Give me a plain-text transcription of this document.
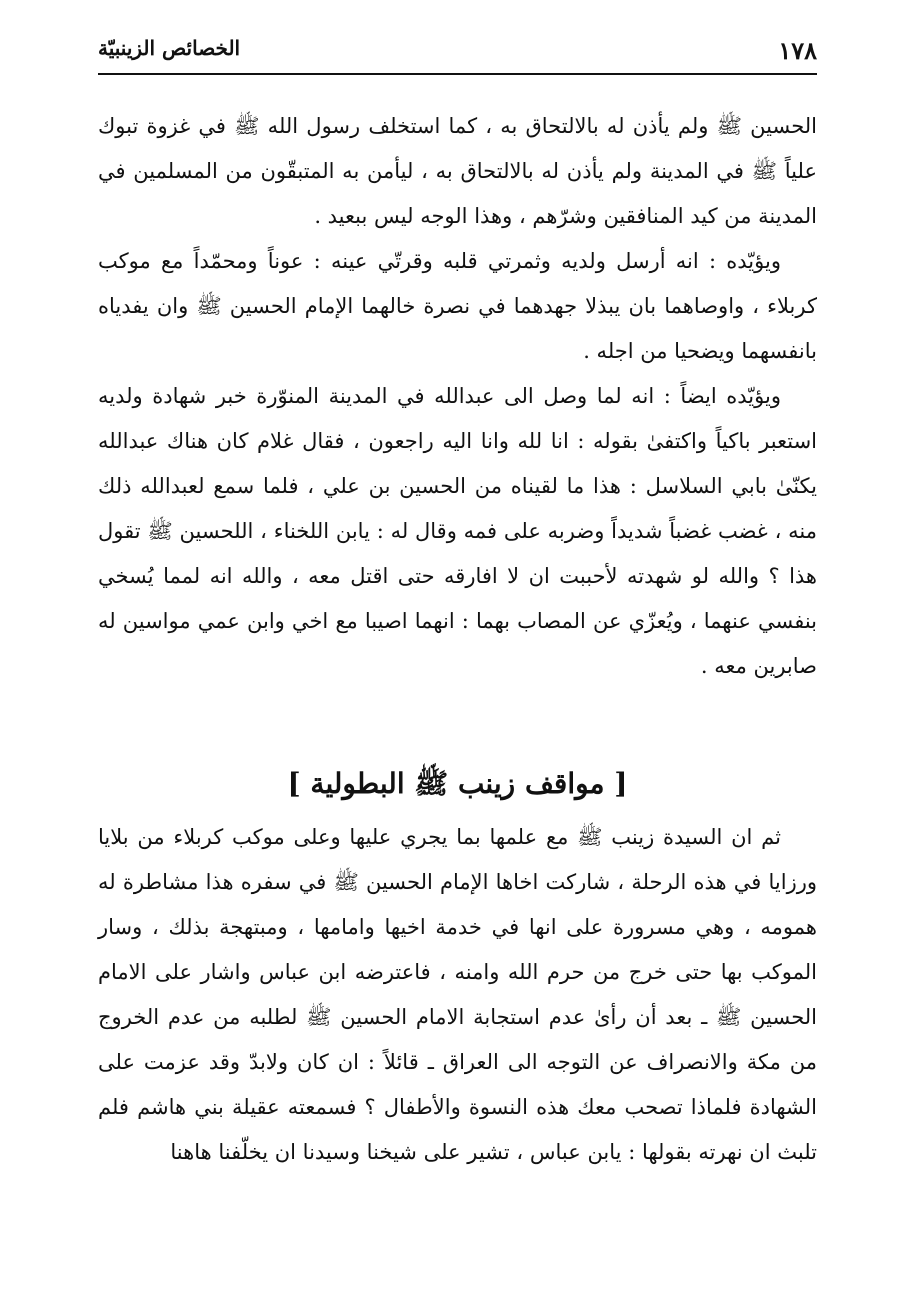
١٧٨
الخصائص الزينبيّة

الحسين ﷺ ولم يأذن له بالالتحاق به ، كما استخلف رسول الله ﷺ في غزوة تبوك علياً ﷺ في المدينة ولم يأذن له بالالتحاق به ، ليأمن به المتبقّون من المسلمين في المدينة من كيد المنافقين وشرّهم ، وهذا الوجه ليس ببعيد .

ويؤيّده : انه أرسل ولديه وثمرتي قلبه وقرتّي عينه : عوناً ومحمّداً مع موكب كربلاء ، واوصاهما بان يبذلا جهدهما في نصرة خالهما الإمام الحسين ﷺ وان يفدياه بانفسهما ويضحيا من اجله .

ويؤيّده ايضاً : انه لما وصل الى عبدالله في المدينة المنوّرة خبر شهادة ولديه استعبر باكياً واكتفىٰ بقوله : انا لله وانا اليه راجعون ، فقال غلام كان هناك عبدالله يكنّىٰ بابي السلاسل : هذا ما لقيناه من الحسين بن علي ، فلما سمع لعبدالله ذلك منه ، غضب غضباً شديداً وضربه على فمه وقال له : يابن اللخناء ، اللحسين ﷺ تقول هذا ؟ والله لو شهدته لأحببت ان لا افارقه حتى اقتل معه ، والله انه لمما يُسخي بنفسي عنهما ، ويُعزّي عن المصاب بهما : انهما اصيبا مع اخي وابن عمي مواسين له صابرين معه .

[ مواقف زينب ﷺ البطولية ]

ثم ان السيدة زينب ﷺ مع علمها بما يجري عليها وعلى موكب كربلاء من بلايا ورزايا في هذه الرحلة ، شاركت اخاها الإمام الحسين ﷺ في سفره هذا مشاطرة له همومه ، وهي مسرورة على انها في خدمة اخيها وامامها ، ومبتهجة بذلك ، وسار الموكب بها حتى خرج من حرم الله وامنه ، فاعترضه ابن عباس واشار على الامام الحسين ﷺ ـ بعد أن رأىٰ عدم استجابة الامام الحسين ﷺ لطلبه من عدم الخروج من مكة والانصراف عن التوجه الى العراق ـ قائلاً : ان كان ولابدّ وقد عزمت على الشهادة فلماذا تصحب معك هذه النسوة والأطفال ؟ فسمعته عقيلة بني هاشم فلم تلبث ان نهرته بقولها : يابن عباس ، تشير على شيخنا وسيدنا ان يخلّفنا هاهنا
